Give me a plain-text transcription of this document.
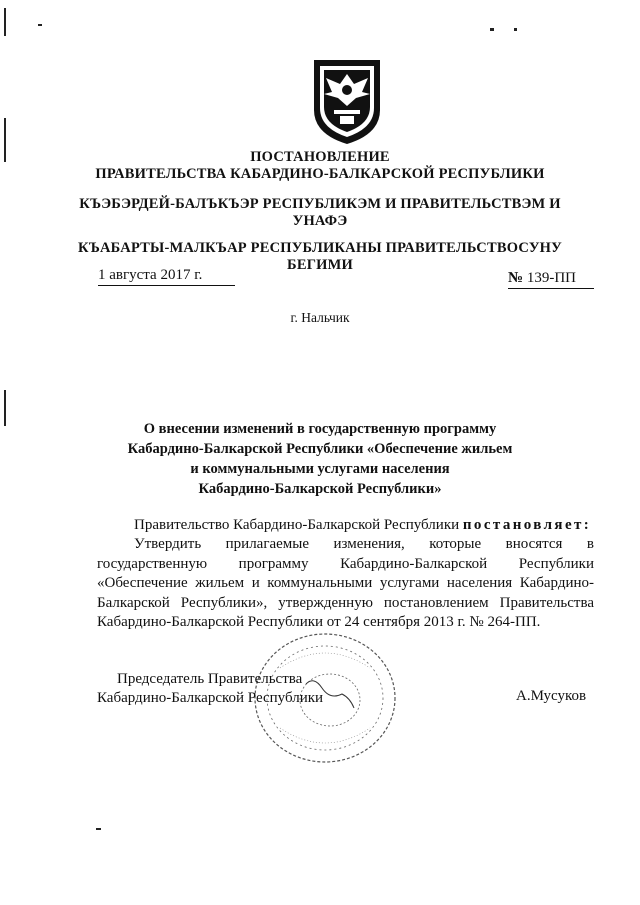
ПОСТАНОВЛЕНИЕ
ПРАВИТЕЛЬСТВА КАБАРДИНО-БАЛКАРСКОЙ РЕСПУБЛИКИ
КЪЭБЭРДЕЙ-БАЛЪКЪЭР РЕСПУБЛИКЭМ И ПРАВИТЕЛЬСТВЭМ И
УНАФЭ
КЪАБАРТЫ-МАЛКЪАР РЕСПУБЛИКАНЫ ПРАВИТЕЛЬСТВОСУНУ
БЕГИМИ
1 августа 2017 г.	№ 139-ПП
г. Нальчик
О внесении изменений в государственную программу
Кабардино-Балкарской Республики «Обеспечение жильем
и коммунальными услугами населения
Кабардино-Балкарской Республики»
Правительство Кабардино-Балкарской Республики постановляет:
Утвердить прилагаемые изменения, которые вносятся в государственную программу Кабардино-Балкарской Республики «Обеспечение жильем и коммунальными услугами населения Кабардино-Балкарской Республики», утвержденную постановлением Правительства Кабардино-Балкарской Республики от 24 сентября 2013 г. № 264-ПП.
Председатель Правительства
Кабардино-Балкарской Республики	А.Мусуков
